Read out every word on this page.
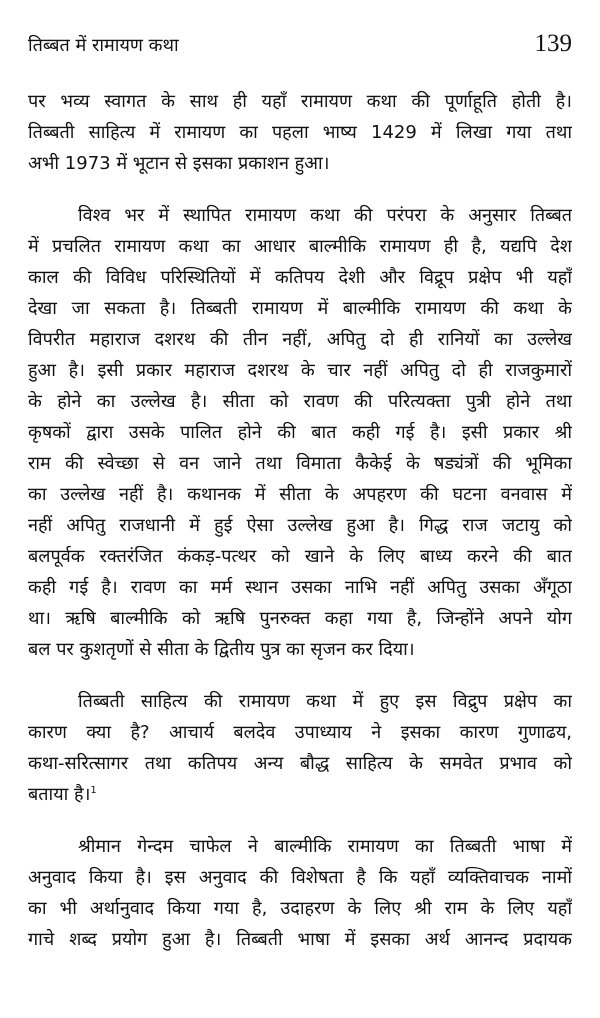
तिब्बत में रामायण कथा	139
पर भव्य स्वागत के साथ ही यहाँ रामायण कथा की पूर्णाहूति होती है।
तिब्बती साहित्य में रामायण का पहला भाष्य 1429 में लिखा गया तथा
अभी 1973 में भूटान से इसका प्रकाशन हुआ।
विश्व भर में स्थापित रामायण कथा की परंपरा के अनुसार तिब्बत
में प्रचलित रामायण कथा का आधार बाल्मीकि रामायण ही है, यद्यपि देश
काल की विविध परिस्थितियों में कतिपय देशी और विद्रूप प्रक्षेप भी यहाँ
देखा जा सकता है। तिब्बती रामायण में बाल्मीकि रामायण की कथा के
विपरीत महाराज दशरथ की तीन नहीं, अपितु दो ही रानियों का उल्लेख
हुआ है। इसी प्रकार महाराज दशरथ के चार नहीं अपितु दो ही राजकुमारों
के होने का उल्लेख है। सीता को रावण की परित्यक्ता पुत्री होने तथा
कृषकों द्वारा उसके पालित होने की बात कही गई है। इसी प्रकार श्री
राम की स्वेच्छा से वन जाने तथा विमाता कैकेई के षड्यंत्रों की भूमिका
का उल्लेख नहीं है। कथानक में सीता के अपहरण की घटना वनवास में
नहीं अपितु राजधानी में हुई ऐसा उल्लेख हुआ है। गिद्ध राज जटायु को
बलपूर्वक रक्तरंजित कंकड़-पत्थर को खाने के लिए बाध्य करने की बात
कही गई है। रावण का मर्म स्थान उसका नाभि नहीं अपितु उसका अँगूठा
था। ऋषि बाल्मीकि को ऋषि पुनरुक्त कहा गया है, जिन्होंने अपने योग
बल पर कुशतृणों से सीता के द्वितीय पुत्र का सृजन कर दिया।
तिब्बती साहित्य की रामायण कथा में हुए इस विद्रुप प्रक्षेप का
कारण क्या है? आचार्य बलदेव उपाध्याय ने इसका कारण गुणाढय,
कथा-सरित्सागर तथा कतिपय अन्य बौद्ध साहित्य के समवेत प्रभाव को
बताया है।$^1$
श्रीमान गेन्दम चाफेल ने बाल्मीकि रामायण का तिब्बती भाषा में
अनुवाद किया है। इस अनुवाद की विशेषता है कि यहाँ व्यक्तिवाचक नामों
का भी अर्थानुवाद किया गया है, उदाहरण के लिए श्री राम के लिए यहाँ
गाचे शब्द प्रयोग हुआ है। तिब्बती भाषा में इसका अर्थ आनन्द प्रदायक
